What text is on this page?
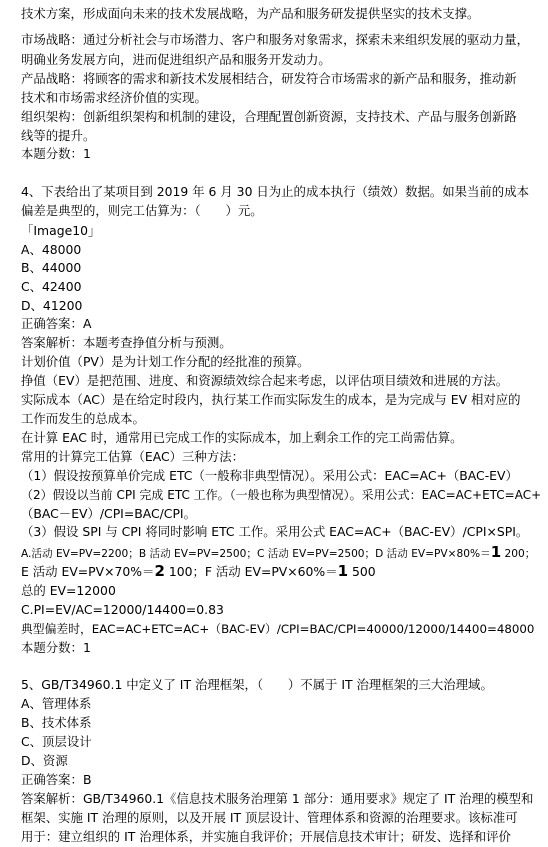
技术方案，形成面向未来的技术发展战略，为产品和服务研发提供坚实的技术支撑。
市场战略：通过分析社会与市场潜力、客户和服务对象需求，探索未来组织发展的驱动力量，
明确业务发展方向，进而促进组织产品和服务开发动力。
产品战略：将顾客的需求和新技术发展相结合，研发符合市场需求的新产品和服务，推动新
技术和市场需求经济价值的实现。
组织架构：创新组织架构和机制的建设，合理配置创新资源，支持技术、产品与服务创新路
线等的提升。
本题分数：1
4、下表给出了某项目到 2019 年 6 月 30 日为止的成本执行（绩效）数据。如果当前的成本
偏差是典型的，则完工估算为：（　　）元。
「Image10」
A、48000
B、44000
C、42400
D、41200
正确答案：A
答案解析：本题考查挣值分析与预测。
计划价值（PV）是为计划工作分配的经批准的预算。
挣值（EV）是把范围、进度、和资源绩效综合起来考虑，以评估项目绩效和进展的方法。
实际成本（AC）是在给定时段内，执行某工作而实际发生的成本，是为完成与 EV 相对应的
工作而发生的总成本。
在计算 EAC 时，通常用已完成工作的实际成本，加上剩余工作的完工尚需估算。
常用的计算完工估算（EAC）三种方法：
（1）假设按预算单价完成 ETC（一般称非典型情况）。采用公式：EAC=AC+（BAC-EV）
（2）假设以当前 CPI 完成 ETC 工作。（一般也称为典型情况）。采用公式：EAC=AC+ETC=AC+
（BAC－EV）/CPI=BAC/CPI。
（3）假设 SPI 与 CPI 将同时影响 ETC 工作。采用公式 EAC=AC+（BAC-EV）/CPI×SPI。
A.活动 EV=PV=2200；B 活动 EV=PV=2500；C 活动 EV=PV=2500；D 活动 EV=PV×80%＝1 200；
E 活动 EV=PV×70%＝2 100；F 活动 EV=PV×60%＝1 500
总的 EV=12000
C.PI=EV/AC=12000/14400=0.83
典型偏差时，EAC=AC+ETC=AC+（BAC-EV）/CPI=BAC/CPI=40000/12000/14400=48000
本题分数：1
5、GB/T34960.1 中定义了 IT 治理框架，（　　）不属于 IT 治理框架的三大治理域。
A、管理体系
B、技术体系
C、顶层设计
D、资源
正确答案：B
答案解析：GB/T34960.1《信息技术服务治理第 1 部分：通用要求》规定了 IT 治理的模型和
框架、实施 IT 治理的原则，以及开展 IT 顶层设计、管理体系和资源的治理要求。该标准可
用于：建立组织的 IT 治理体系，并实施自我评价；开展信息技术审计；研发、选择和评价
